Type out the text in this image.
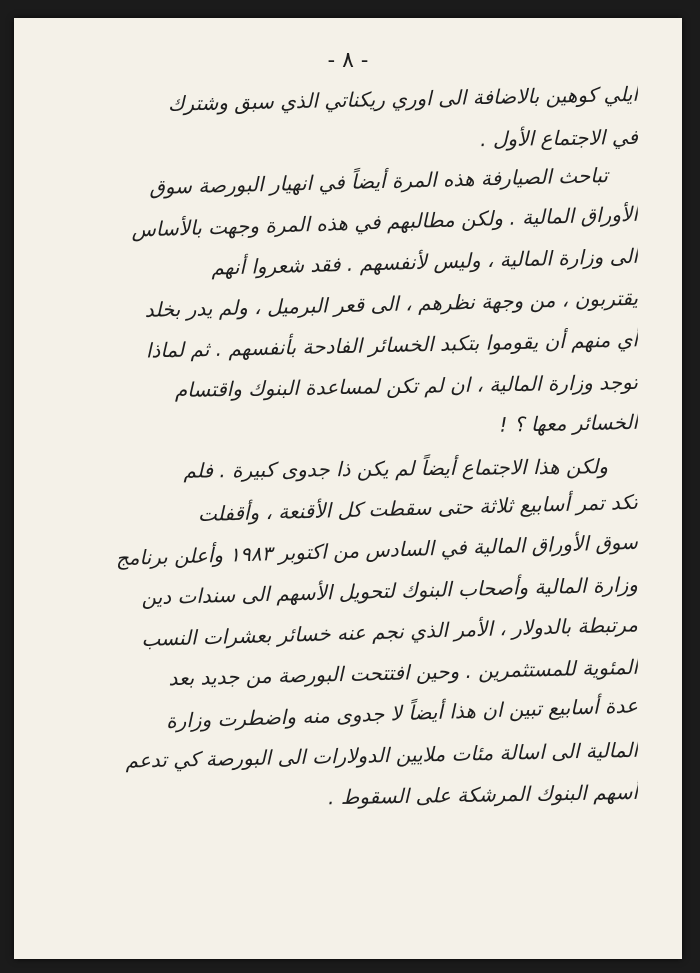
- ٨ -
ايلي كوهين بالاضافة الى اوري ريكناتي الذي سبق وشترك
في الاجتماع الأول .
تباحث الصيارفة هذه المرة أيضاً في انهيار البورصة سوق
الأوراق المالية . ولكن مطالبهم في هذه المرة وجهت بالأساس
الى وزارة المالية ، وليس لأنفسهم . فقد شعروا أنهم
يقتربون ، من وجهة نظرهم ، الى قعر البرميل ، ولم يدر بخلد
أي منهم أن يقوموا بتكبد الخسائر الفادحة بأنفسهم . ثم لماذا
توجد وزارة المالية ، ان لم تكن لمساعدة البنوك واقتسام
الخسائر معها ؟ !
ولكن هذا الاجتماع أيضاً لم يكن ذا جدوى كبيرة . فلم
تكد تمر أسابيع ثلاثة حتى سقطت كل الأقنعة ، وأقفلت
سوق الأوراق المالية في السادس من اكتوبر ١٩٨٣ وأعلن برنامج
وزارة المالية وأصحاب البنوك لتحويل الأسهم الى سندات دين
مرتبطة بالدولار ، الأمر الذي نجم عنه خسائر بعشرات النسب
المئوية للمستثمرين . وحين افتتحت البورصة من جديد بعد
عدة أسابيع تبين ان هذا أيضاً لا جدوى منه واضطرت وزارة
المالية الى اسالة مئات ملايين الدولارات الى البورصة كي تدعم
أسهم البنوك المرشكة على السقوط .
